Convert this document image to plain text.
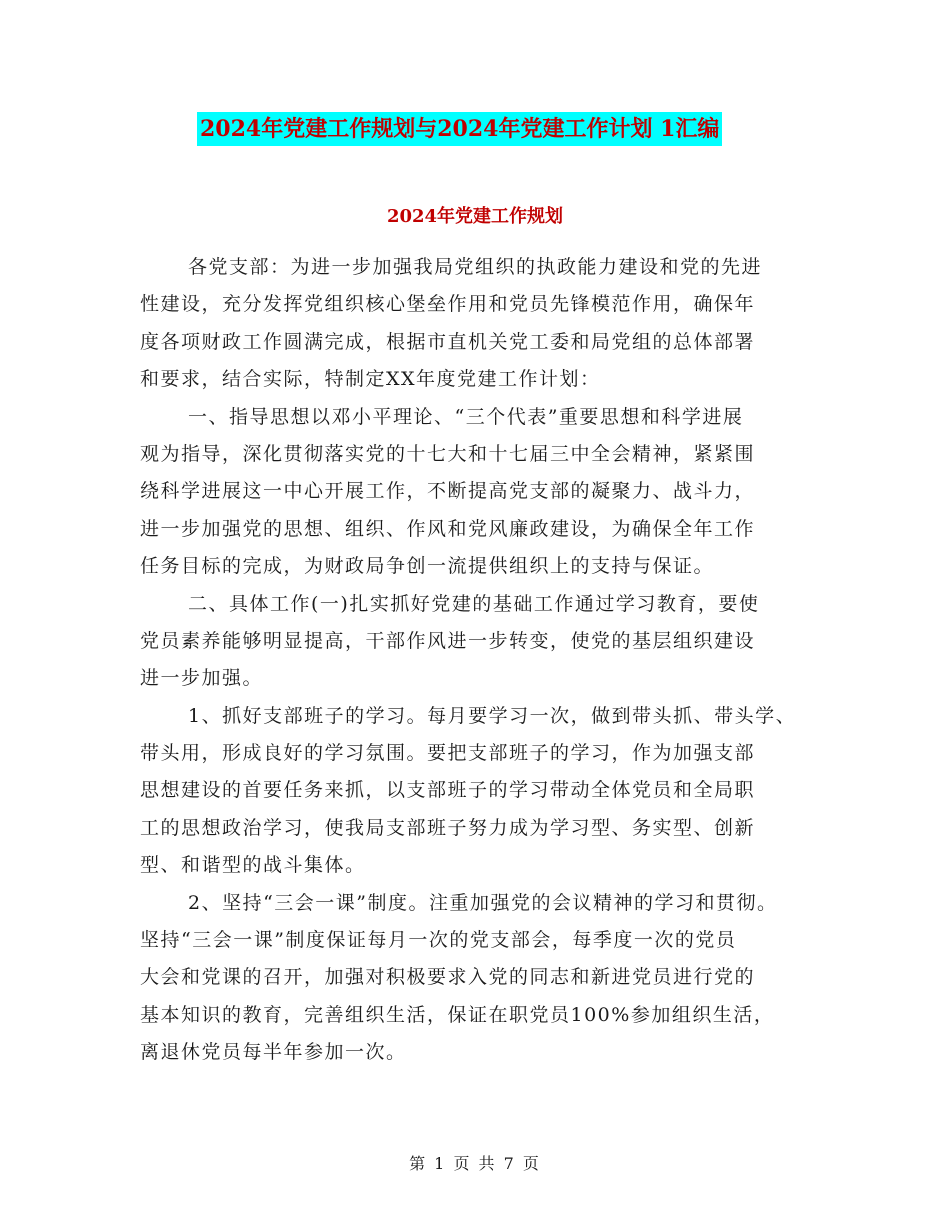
2024年党建工作规划与2024年党建工作计划 1汇编
2024年党建工作规划
各党支部：为进一步加强我局党组织的执政能力建设和党的先进
性建设，充分发挥党组织核心堡垒作用和党员先锋模范作用，确保年
度各项财政工作圆满完成，根据市直机关党工委和局党组的总体部署
和要求，结合实际，特制定XX年度党建工作计划：
一、指导思想以邓小平理论、“三个代表”重要思想和科学进展
观为指导，深化贯彻落实党的十七大和十七届三中全会精神，紧紧围
绕科学进展这一中心开展工作，不断提高党支部的凝聚力、战斗力，
进一步加强党的思想、组织、作风和党风廉政建设，为确保全年工作
任务目标的完成，为财政局争创一流提供组织上的支持与保证。
二、具体工作(一)扎实抓好党建的基础工作通过学习教育，要使
党员素养能够明显提高，干部作风进一步转变，使党的基层组织建设
进一步加强。
1、抓好支部班子的学习。每月要学习一次，做到带头抓、带头学、
带头用，形成良好的学习氛围。要把支部班子的学习，作为加强支部
思想建设的首要任务来抓，以支部班子的学习带动全体党员和全局职
工的思想政治学习，使我局支部班子努力成为学习型、务实型、创新
型、和谐型的战斗集体。
2、坚持“三会一课”制度。注重加强党的会议精神的学习和贯彻。
坚持“三会一课”制度保证每月一次的党支部会，每季度一次的党员
大会和党课的召开，加强对积极要求入党的同志和新进党员进行党的
基本知识的教育，完善组织生活，保证在职党员100%参加组织生活，
离退休党员每半年参加一次。
第 1 页 共 7 页
